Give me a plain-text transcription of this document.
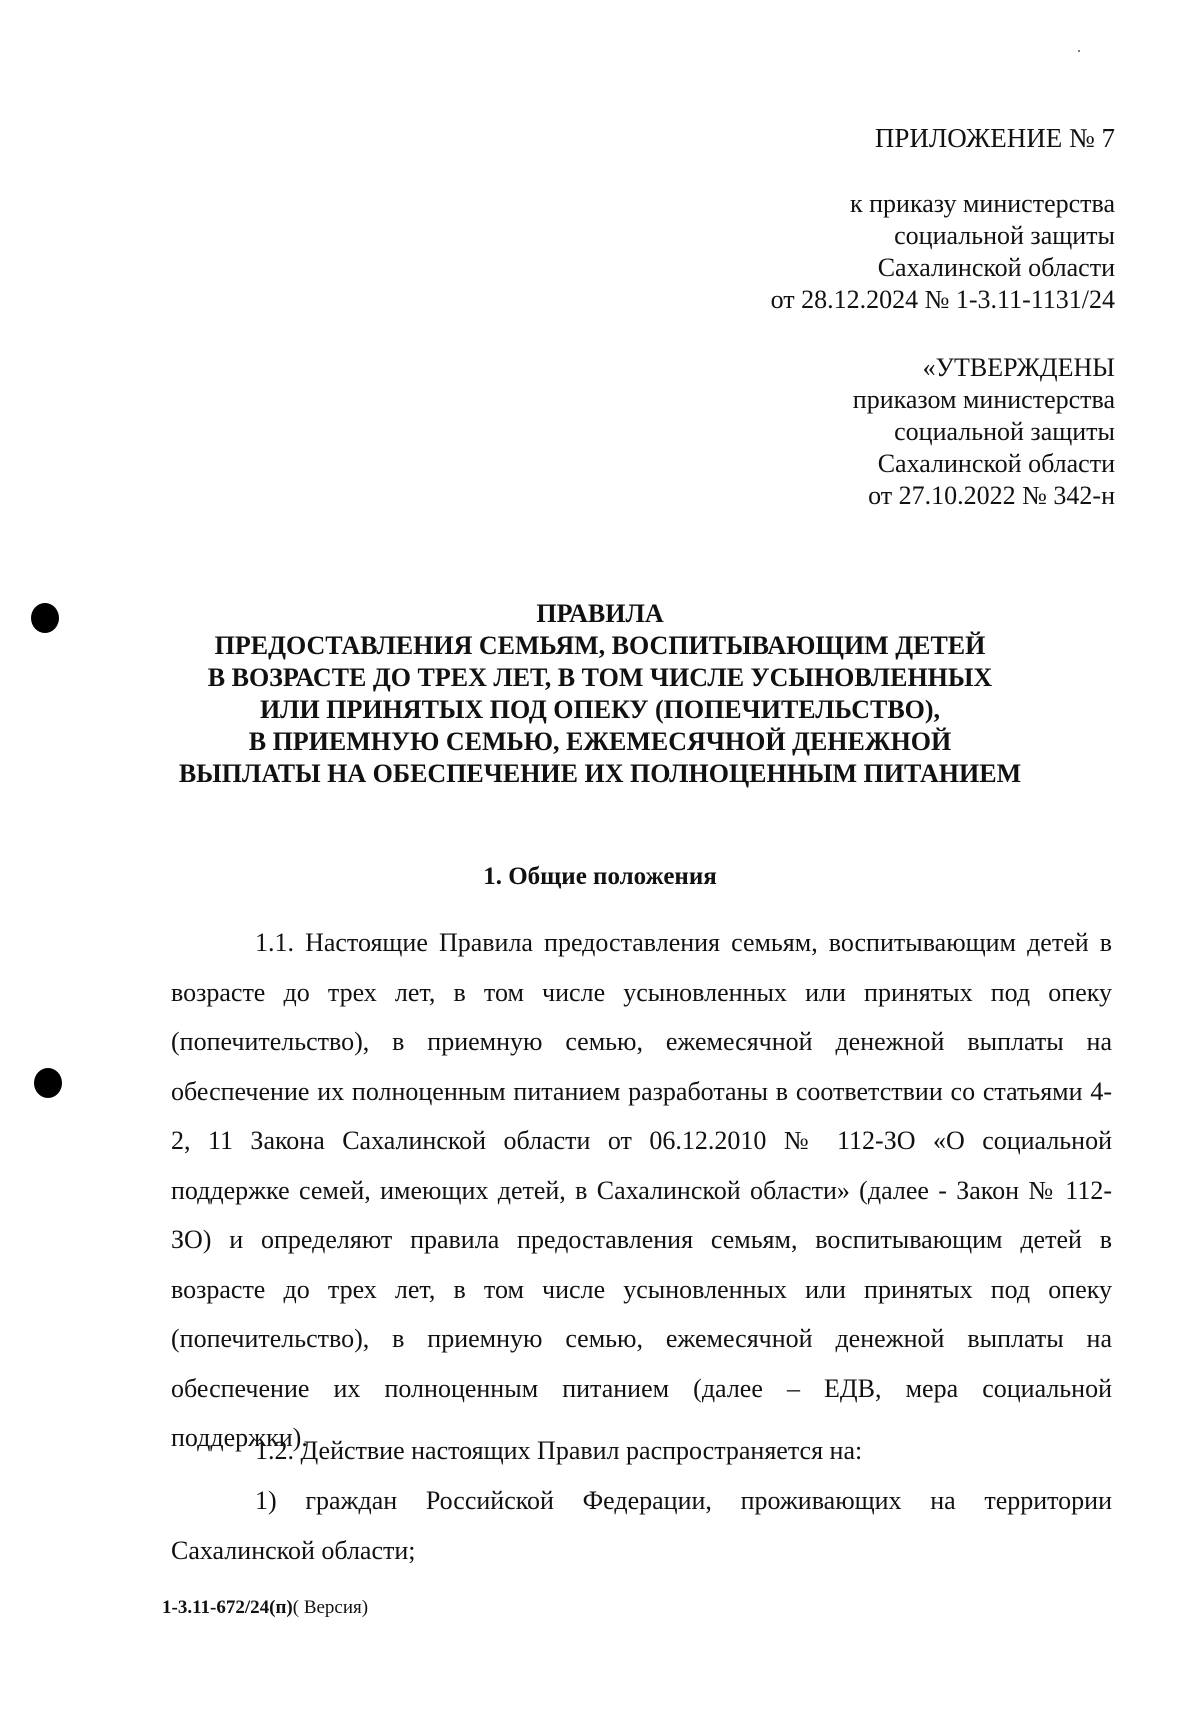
ПРИЛОЖЕНИЕ № 7
к приказу министерства
социальной защиты
Сахалинской области
от 28.12.2024 № 1-3.11-1131/24
«УТВЕРЖДЕНЫ
приказом министерства
социальной защиты
Сахалинской области
от 27.10.2022 № 342-н
ПРАВИЛА
ПРЕДОСТАВЛЕНИЯ СЕМЬЯМ, ВОСПИТЫВАЮЩИМ ДЕТЕЙ
В ВОЗРАСТЕ ДО ТРЕХ ЛЕТ, В ТОМ ЧИСЛЕ УСЫНОВЛЕННЫХ
ИЛИ ПРИНЯТЫХ ПОД ОПЕКУ (ПОПЕЧИТЕЛЬСТВО),
В ПРИЕМНУЮ СЕМЬЮ, ЕЖЕМЕСЯЧНОЙ ДЕНЕЖНОЙ
ВЫПЛАТЫ НА ОБЕСПЕЧЕНИЕ ИХ ПОЛНОЦЕННЫМ ПИТАНИЕМ
1. Общие положения
1.1. Настоящие Правила предоставления семьям, воспитывающим детей в возрасте до трех лет, в том числе усыновленных или принятых под опеку (попечительство), в приемную семью, ежемесячной денежной выплаты на обеспечение их полноценным питанием разработаны в соответствии со статьями 4-2, 11 Закона Сахалинской области от 06.12.2010 № 112-ЗО «О социальной поддержке семей, имеющих детей, в Сахалинской области» (далее - Закон № 112-ЗО) и определяют правила предоставления семьям, воспитывающим детей в возрасте до трех лет, в том числе усыновленных или принятых под опеку (попечительство), в приемную семью, ежемесячной денежной выплаты на обеспечение их полноценным питанием (далее – ЕДВ, мера социальной поддержки).
1.2. Действие настоящих Правил распространяется на:
1) граждан Российской Федерации, проживающих на территории Сахалинской области;
1-3.11-672/24(п)( Версия)
